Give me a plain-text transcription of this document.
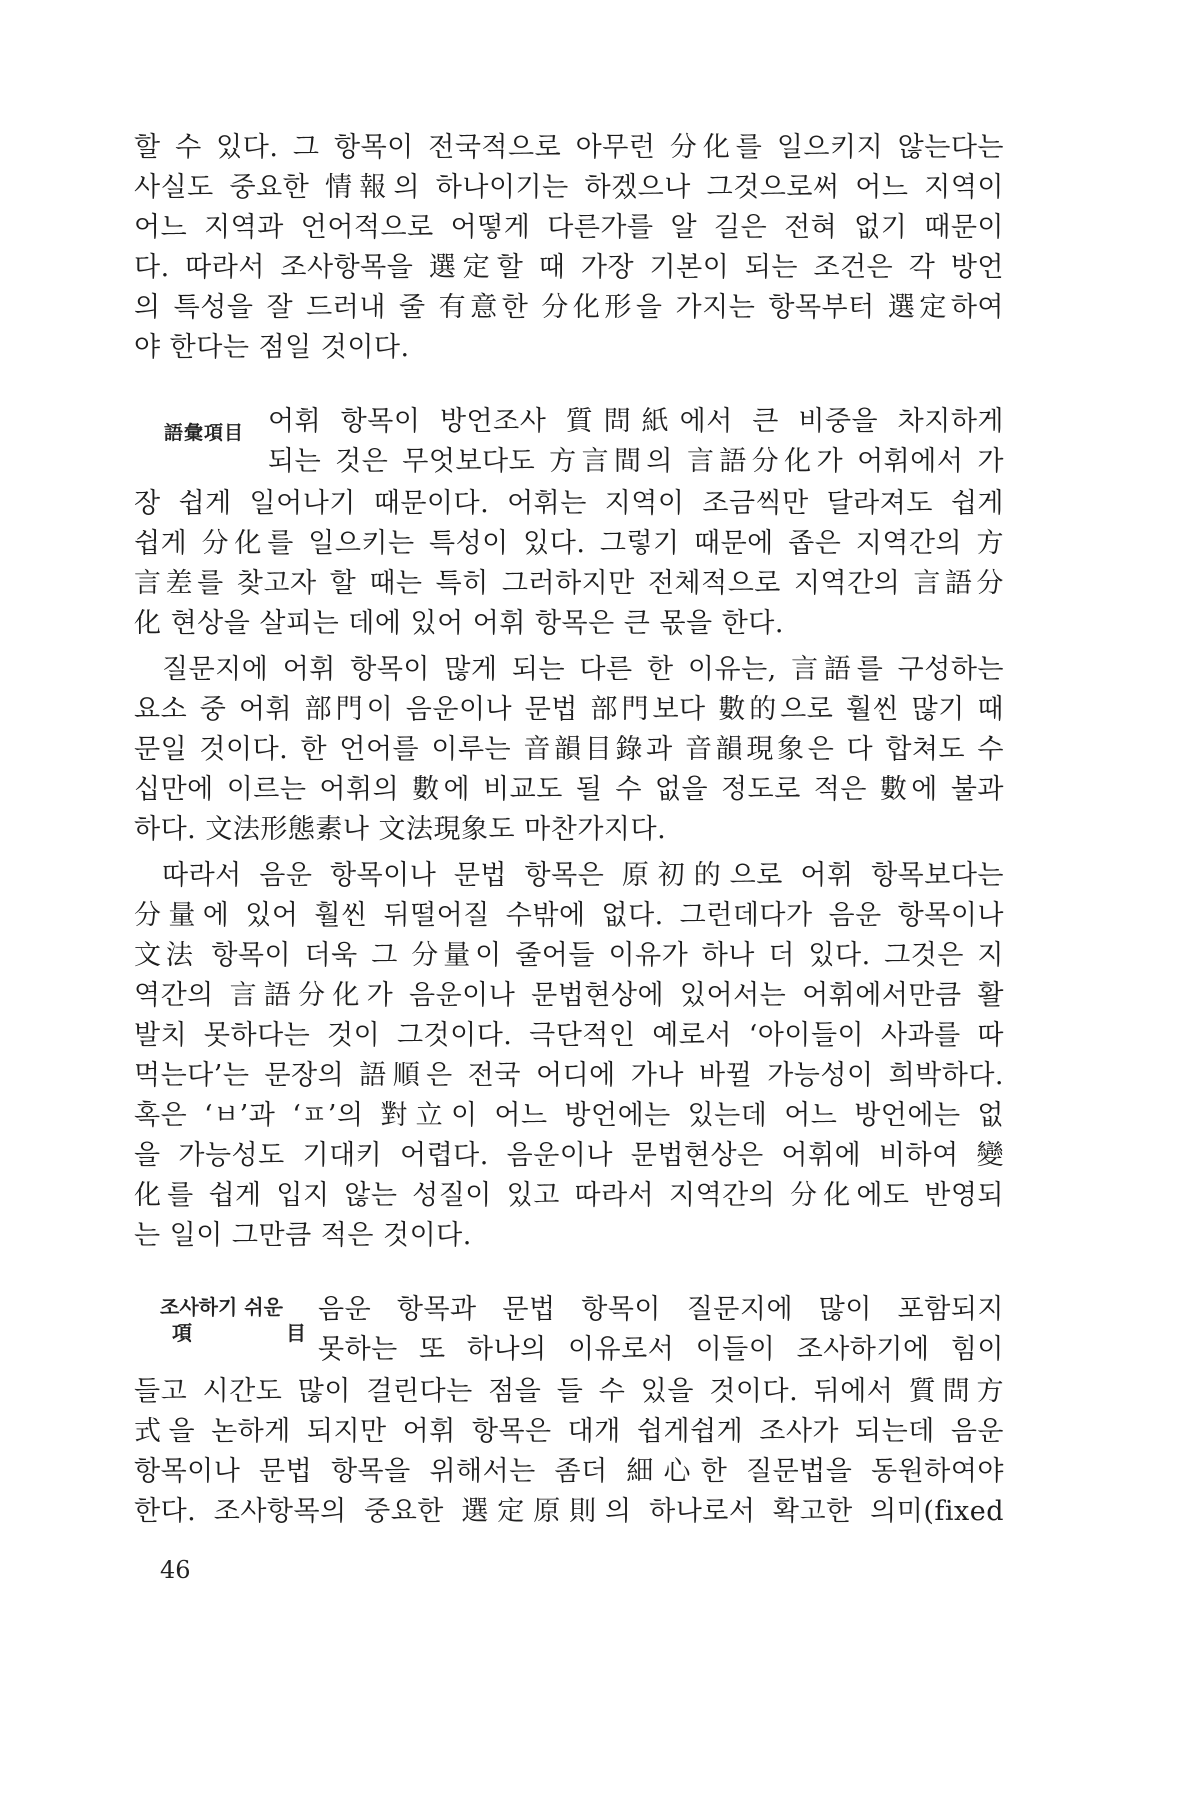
할 수 있다. 그 항목이 전국적으로 아무런 分化를 일으키지 않는다는
사실도 중요한 情報의 하나이기는 하겠으나 그것으로써 어느 지역이
어느 지역과 언어적으로 어떻게 다른가를 알 길은 전혀 없기 때문이
다. 따라서 조사항목을 選定할 때 가장 기본이 되는 조건은 각 방언
의 특성을 잘 드러내 줄 有意한 分化形을 가지는 항목부터 選定하여
야 한다는 점일 것이다.
語彙項目 어휘 항목이 방언조사 質問紙에서 큰 비중을 차지하게
되는 것은 무엇보다도 方言間의 言語分化가 어휘에서 가
장 쉽게 일어나기 때문이다. 어휘는 지역이 조금씩만 달라져도 쉽게
쉽게 分化를 일으키는 특성이 있다. 그렇기 때문에 좁은 지역간의 方
言差를 찾고자 할 때는 특히 그러하지만 전체적으로 지역간의 言語分
化 현상을 살피는 데에 있어 어휘 항목은 큰 몫을 한다.
질문지에 어휘 항목이 많게 되는 다른 한 이유는, 言語를 구성하는
요소 중 어휘 部門이 음운이나 문법 部門보다 數的으로 훨씬 많기 때
문일 것이다. 한 언어를 이루는 音韻目錄과 音韻現象은 다 합쳐도 수
십만에 이르는 어휘의 數에 비교도 될 수 없을 정도로 적은 數에 불과
하다. 文法形態素나 文法現象도 마찬가지다.
따라서 음운 항목이나 문법 항목은 原初的으로 어휘 항목보다는
分量에 있어 훨씬 뒤떨어질 수밖에 없다. 그런데다가 음운 항목이나
文法 항목이 더욱 그 分量이 줄어들 이유가 하나 더 있다. 그것은 지
역간의 言語分化가 음운이나 문법현상에 있어서는 어휘에서만큼 활
발치 못하다는 것이 그것이다. 극단적인 예로서 ‘아이들이 사과를 따
먹는다’는 문장의 語順은 전국 어디에 가나 바뀔 가능성이 희박하다.
혹은 ‘ㅂ’과 ‘ㅍ’의 對立이 어느 방언에는 있는데 어느 방언에는 없
을 가능성도 기대키 어렵다. 음운이나 문법현상은 어휘에 비하여 變
化를 쉽게 입지 않는 성질이 있고 따라서 지역간의 分化에도 반영되
는 일이 그만큼 적은 것이다.
조사하기 쉬운
項	目
음운 항목과 문법 항목이 질문지에 많이 포함되지
못하는 또 하나의 이유로서 이들이 조사하기에 힘이
들고 시간도 많이 걸린다는 점을 들 수 있을 것이다. 뒤에서 質問方
式을 논하게 되지만 어휘 항목은 대개 쉽게쉽게 조사가 되는데 음운
항목이나 문법 항목을 위해서는 좀더 細心한 질문법을 동원하여야
한다. 조사항목의 중요한 選定原則의 하나로서 확고한 의미(fixed
46
